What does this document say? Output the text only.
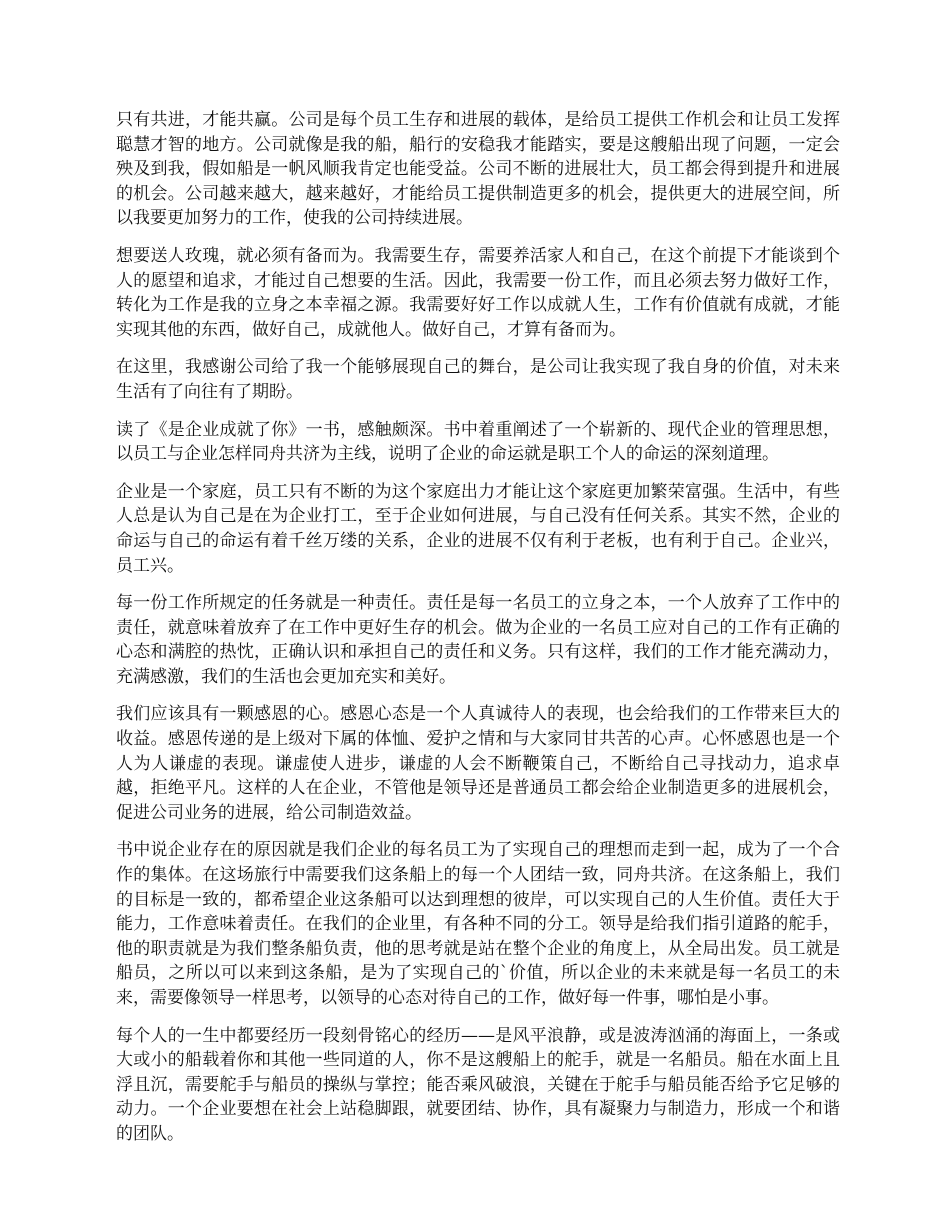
只有共进，才能共赢。公司是每个员工生存和进展的载体，是给员工提供工作机会和让员工发挥聪慧才智的地方。公司就像是我的船，船行的安稳我才能踏实，要是这艘船出现了问题，一定会殃及到我，假如船是一帆风顺我肯定也能受益。公司不断的进展壮大，员工都会得到提升和进展的机会。公司越来越大，越来越好，才能给员工提供制造更多的机会，提供更大的进展空间，所以我要更加努力的工作，使我的公司持续进展。

想要送人玫瑰，就必须有备而为。我需要生存，需要养活家人和自己，在这个前提下才能谈到个人的愿望和追求，才能过自己想要的生活。因此，我需要一份工作，而且必须去努力做好工作，转化为工作是我的立身之本幸福之源。我需要好好工作以成就人生，工作有价值就有成就，才能实现其他的东西，做好自己，成就他人。做好自己，才算有备而为。

在这里，我感谢公司给了我一个能够展现自己的舞台，是公司让我实现了我自身的价值，对未来生活有了向往有了期盼。

读了《是企业成就了你》一书，感触颇深。书中着重阐述了一个崭新的、现代企业的管理思想，以员工与企业怎样同舟共济为主线，说明了企业的命运就是职工个人的命运的深刻道理。

企业是一个家庭，员工只有不断的为这个家庭出力才能让这个家庭更加繁荣富强。生活中，有些人总是认为自己是在为企业打工，至于企业如何进展，与自己没有任何关系。其实不然，企业的命运与自己的命运有着千丝万缕的关系，企业的进展不仅有利于老板，也有利于自己。企业兴，员工兴。

每一份工作所规定的任务就是一种责任。责任是每一名员工的立身之本，一个人放弃了工作中的责任，就意味着放弃了在工作中更好生存的机会。做为企业的一名员工应对自己的工作有正确的心态和满腔的热忱，正确认识和承担自己的责任和义务。只有这样，我们的工作才能充满动力，充满感激，我们的生活也会更加充实和美好。

我们应该具有一颗感恩的心。感恩心态是一个人真诚待人的表现，也会给我们的工作带来巨大的收益。感恩传递的是上级对下属的体恤、爱护之情和与大家同甘共苦的心声。心怀感恩也是一个人为人谦虚的表现。谦虚使人进步，谦虚的人会不断鞭策自己，不断给自己寻找动力，追求卓越，拒绝平凡。这样的人在企业，不管他是领导还是普通员工都会给企业制造更多的进展机会，促进公司业务的进展，给公司制造效益。

书中说企业存在的原因就是我们企业的每名员工为了实现自己的理想而走到一起，成为了一个合作的集体。在这场旅行中需要我们这条船上的每一个人团结一致，同舟共济。在这条船上，我们的目标是一致的，都希望企业这条船可以达到理想的彼岸，可以实现自己的人生价值。责任大于能力，工作意味着责任。在我们的企业里，有各种不同的分工。领导是给我们指引道路的舵手，他的职责就是为我们整条船负责，他的思考就是站在整个企业的角度上，从全局出发。员工就是船员，之所以可以来到这条船，是为了实现自己的`价值，所以企业的未来就是每一名员工的未来，需要像领导一样思考，以领导的心态对待自己的工作，做好每一件事，哪怕是小事。

每个人的一生中都要经历一段刻骨铭心的经历——是风平浪静，或是波涛汹涌的海面上，一条或大或小的船载着你和其他一些同道的人，你不是这艘船上的舵手，就是一名船员。船在水面上且浮且沉，需要舵手与船员的操纵与掌控；能否乘风破浪，关键在于舵手与船员能否给予它足够的动力。一个企业要想在社会上站稳脚跟，就要团结、协作，具有凝聚力与制造力，形成一个和谐的团队。
